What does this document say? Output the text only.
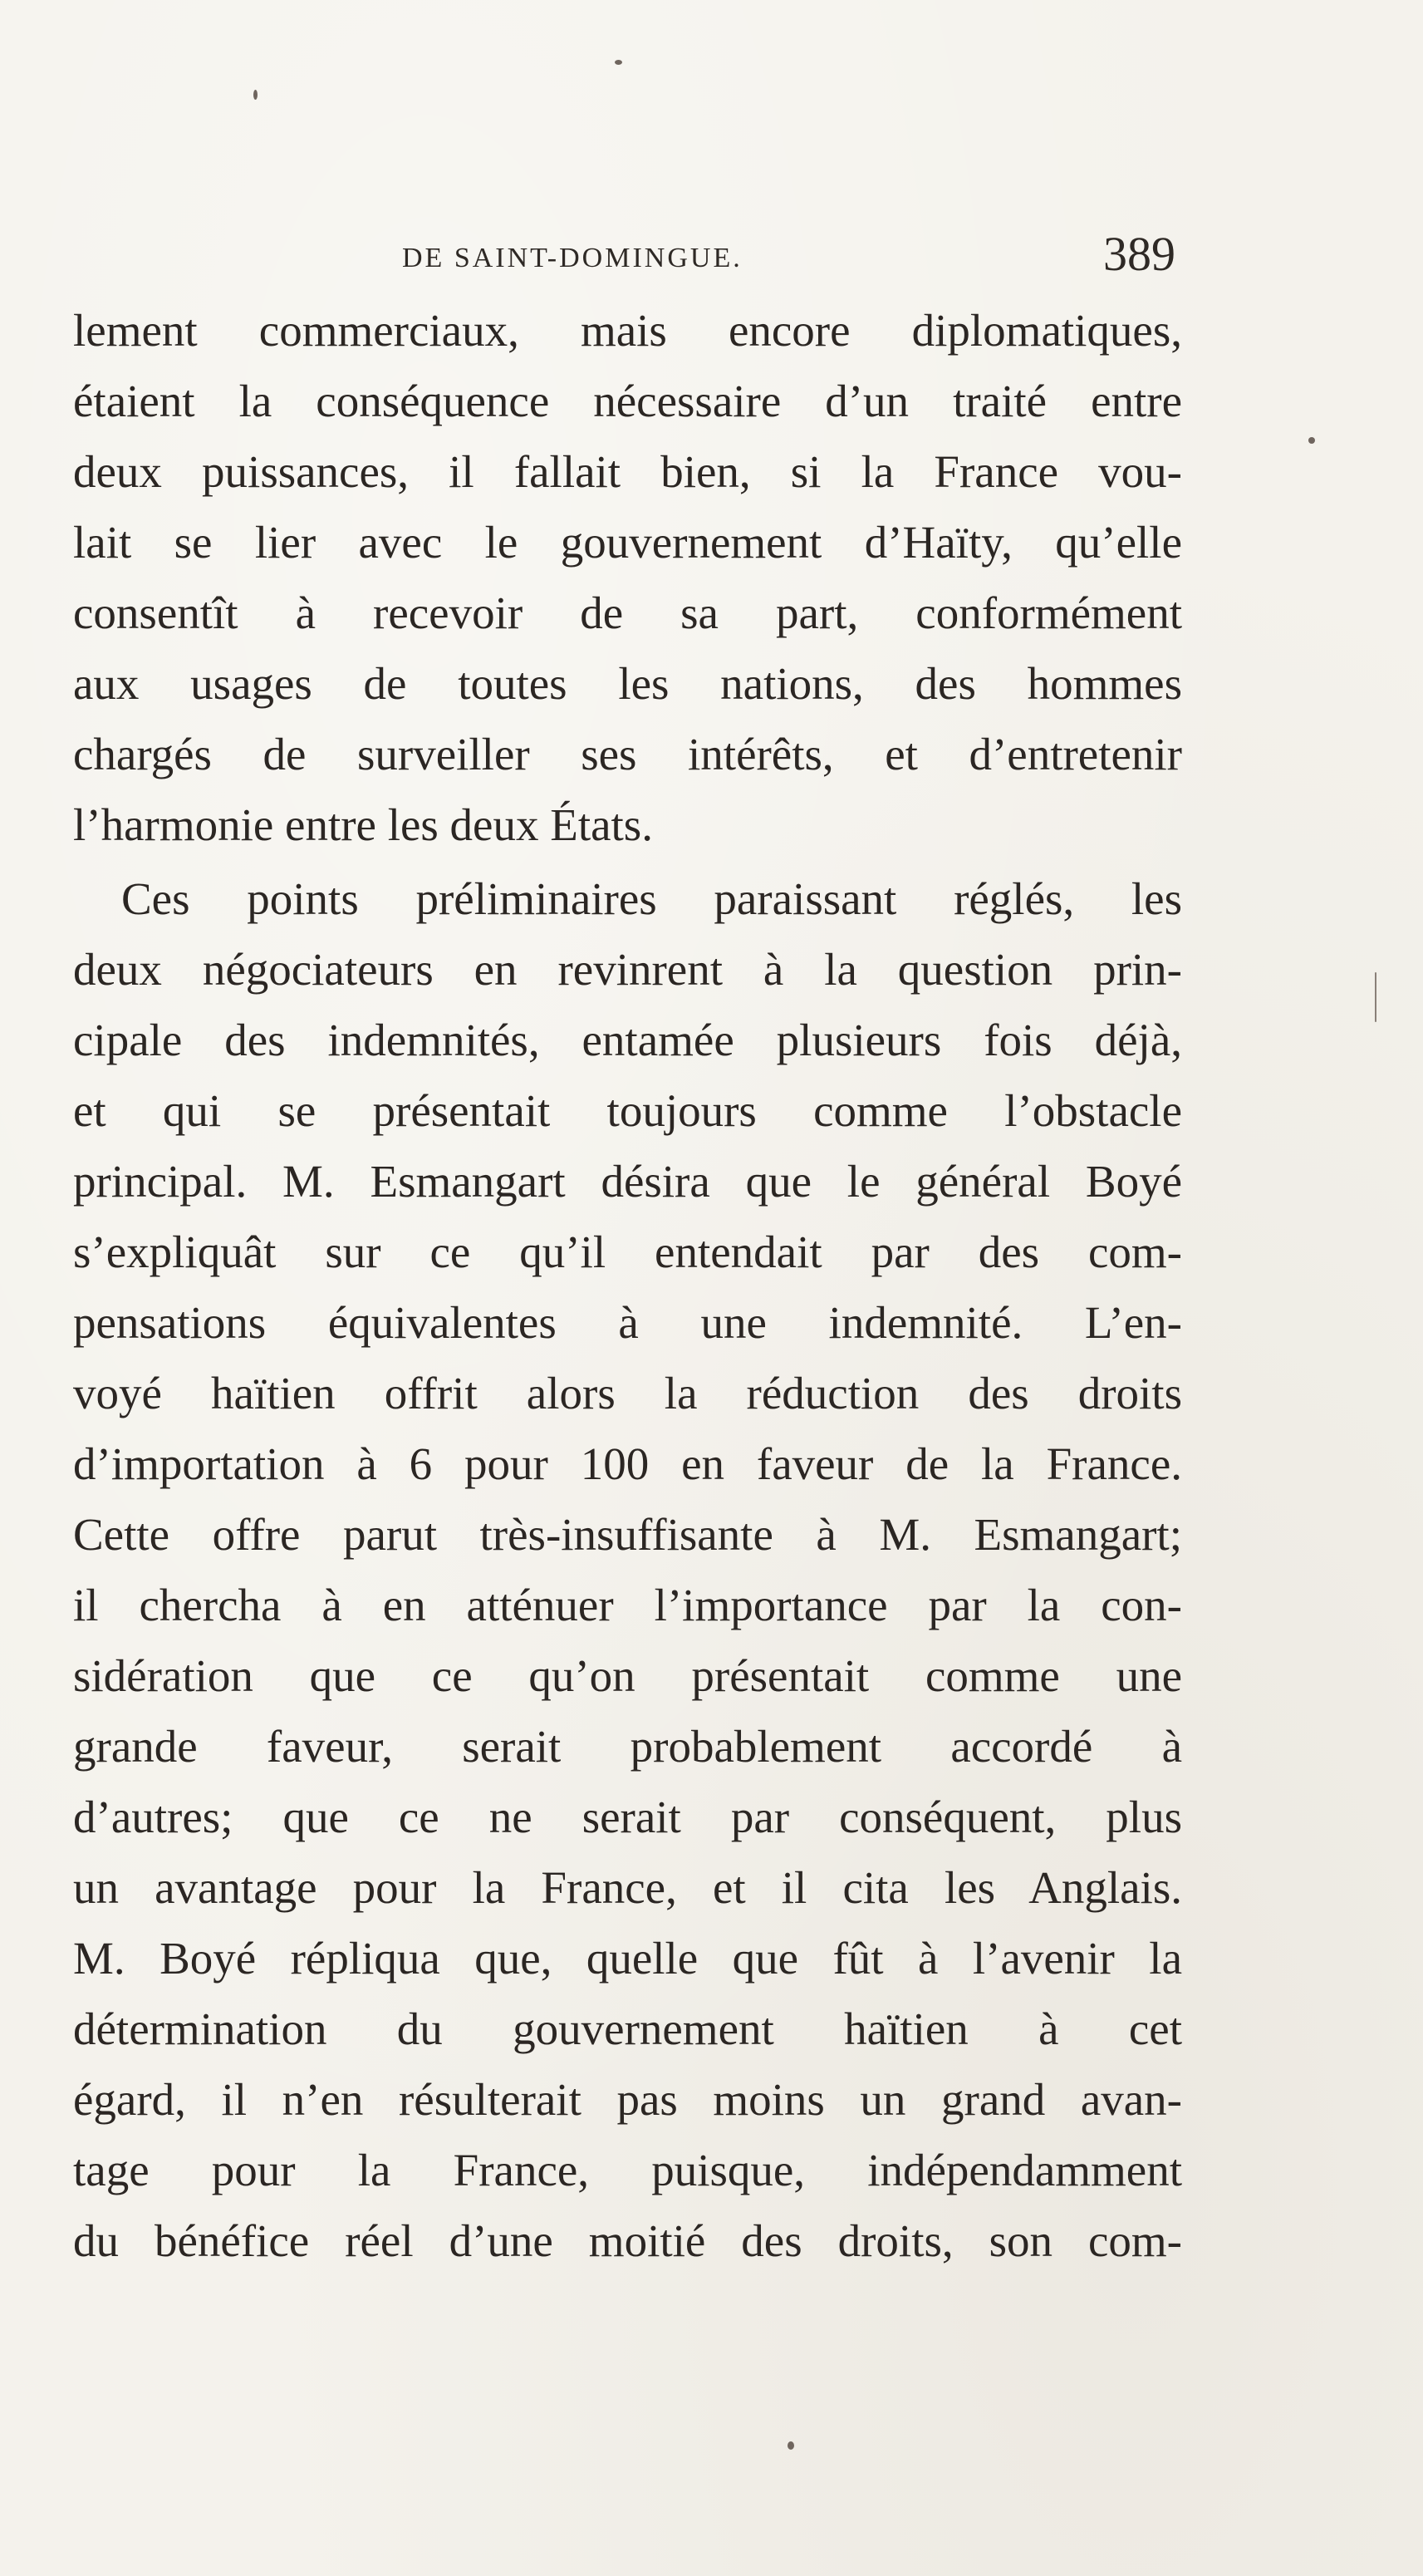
DE SAINT-DOMINGUE.	389
lement commerciaux, mais encore diplomatiques,
étaient la conséquence nécessaire d’un traité entre
deux puissances, il fallait bien, si la France vou-
lait se lier avec le gouvernement d’Haïty, qu’elle
consentît à recevoir de sa part, conformément
aux usages de toutes les nations, des hommes
chargés de surveiller ses intérêts, et d’entretenir
l’harmonie entre les deux États.
Ces points préliminaires paraissant réglés, les
deux négociateurs en revinrent à la question prin-
cipale des indemnités, entamée plusieurs fois déjà,
et qui se présentait toujours comme l’obstacle
principal. M. Esmangart désira que le général Boyé
s’expliquât sur ce qu’il entendait par des com-
pensations équivalentes à une indemnité. L’en-
voyé haïtien offrit alors la réduction des droits
d’importation à 6 pour 100 en faveur de la France.
Cette offre parut très-insuffisante à M. Esmangart;
il chercha à en atténuer l’importance par la con-
sidération que ce qu’on présentait comme une
grande faveur, serait probablement accordé à
d’autres; que ce ne serait par conséquent, plus
un avantage pour la France, et il cita les Anglais.
M. Boyé répliqua que, quelle que fût à l’avenir la
détermination du gouvernement haïtien à cet
égard, il n’en résulterait pas moins un grand avan-
tage pour la France, puisque, indépendamment
du bénéfice réel d’une moitié des droits, son com-
